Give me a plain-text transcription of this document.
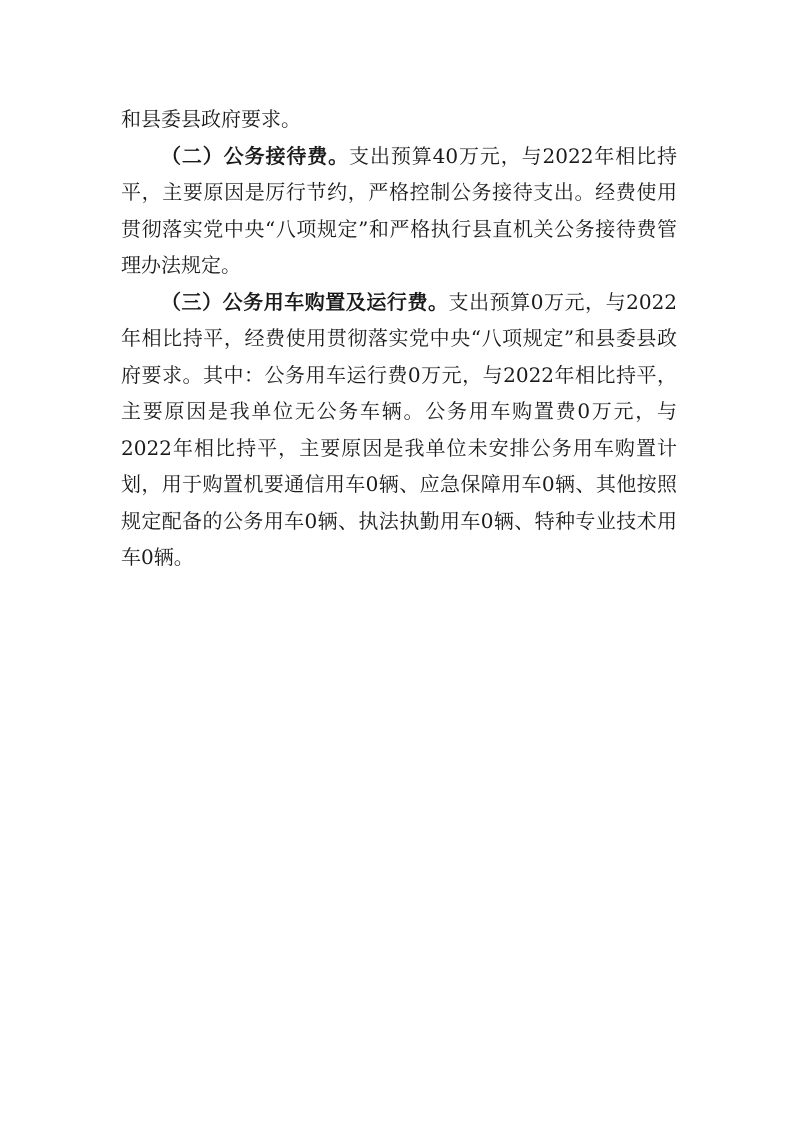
和县委县政府要求。

（二）公务接待费。支出预算40万元，与2022年相比持平，主要原因是厉行节约，严格控制公务接待支出。经费使用贯彻落实党中央“八项规定”和严格执行县直机关公务接待费管理办法规定。

（三）公务用车购置及运行费。支出预算0万元，与2022年相比持平，经费使用贯彻落实党中央“八项规定”和县委县政府要求。其中：公务用车运行费0万元，与2022年相比持平，主要原因是我单位无公务车辆。公务用车购置费0万元，与2022年相比持平，主要原因是我单位未安排公务用车购置计划，用于购置机要通信用车0辆、应急保障用车0辆、其他按照规定配备的公务用车0辆、执法执勤用车0辆、特种专业技术用车0辆。
